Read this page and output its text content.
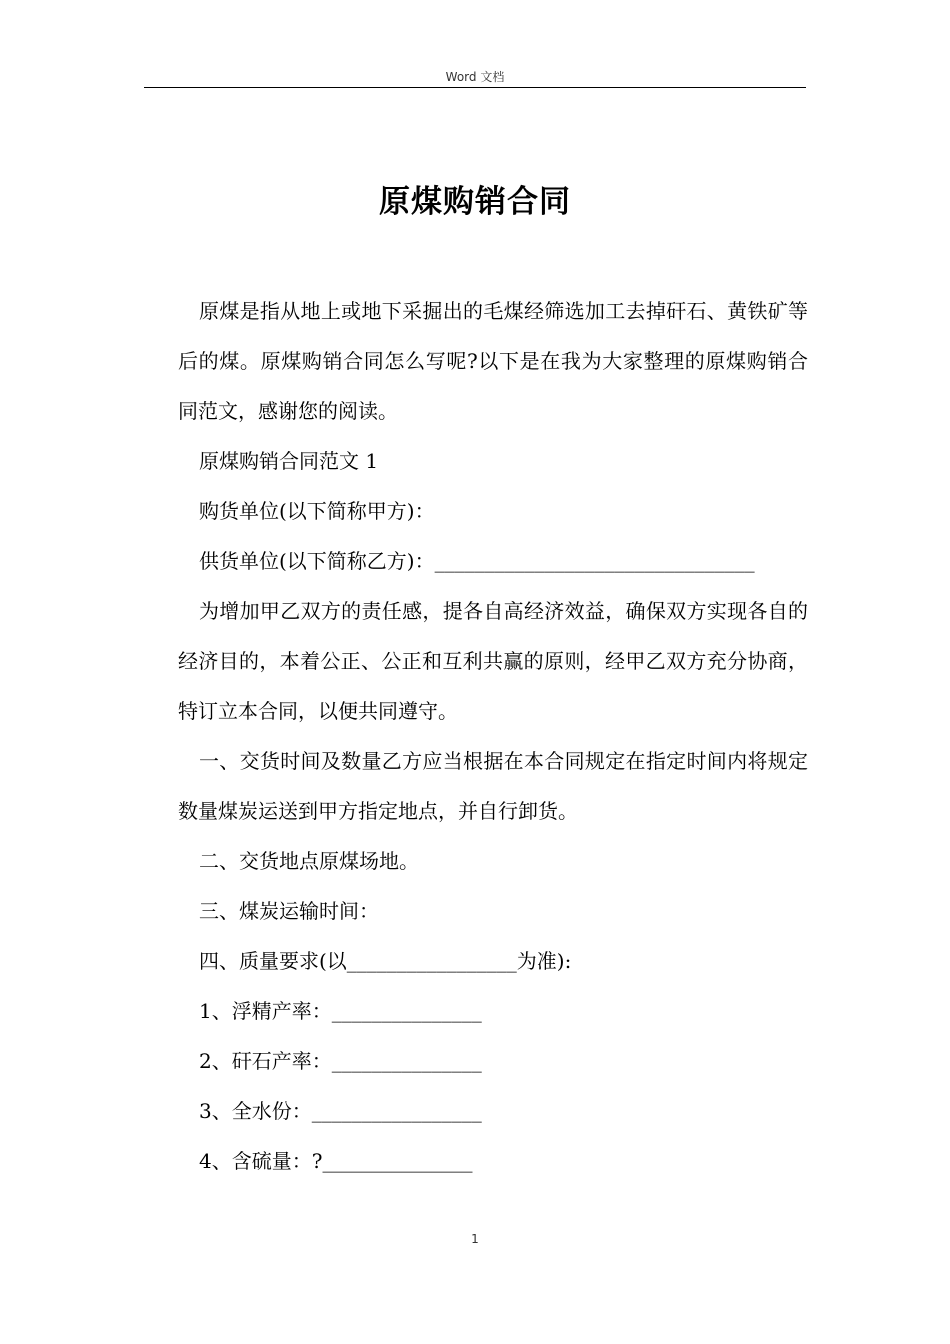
Word 文档
原煤购销合同

原煤是指从地上或地下采掘出的毛煤经筛选加工去掉矸石、黄铁矿等后的煤。原煤购销合同怎么写呢?以下是在我为大家整理的原煤购销合同范文，感谢您的阅读。

原煤购销合同范文 1

购货单位(以下简称甲方)：

供货单位(以下简称乙方)：________________________________

为增加甲乙双方的责任感，提各自高经济效益，确保双方实现各自的经济目的，本着公正、公正和互利共赢的原则，经甲乙双方充分协商，特订立本合同，以便共同遵守。

一、交货时间及数量乙方应当根据在本合同规定在指定时间内将规定数量煤炭运送到甲方指定地点，并自行卸货。

二、交货地点原煤场地。

三、煤炭运输时间：

四、质量要求(以_________________为准):

1、浮精产率：_______________

2、矸石产率：_______________

3、全水份：_________________

4、含硫量：?_______________

1
